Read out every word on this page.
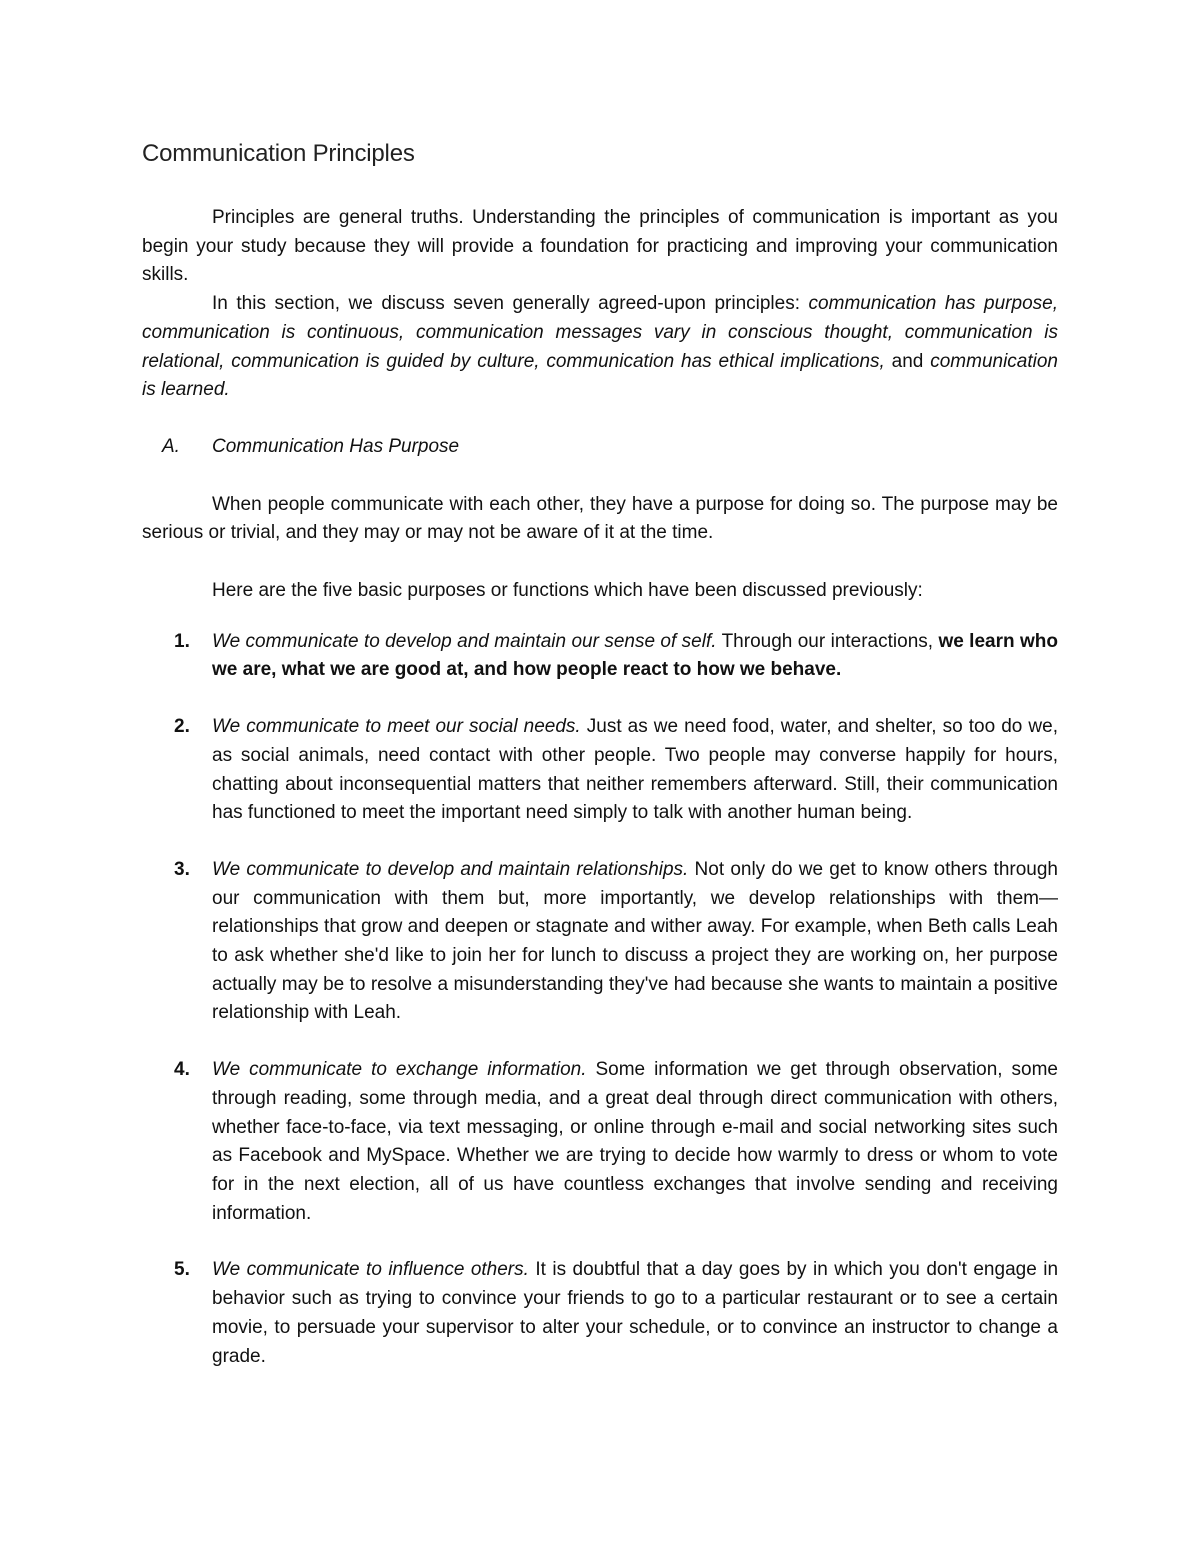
Communication Principles

Principles are general truths. Understanding the principles of communication is important as you begin your study because they will provide a foundation for practicing and improving your communication skills.

In this section, we discuss seven generally agreed-upon principles: communication has purpose, communication is continuous, communication messages vary in conscious thought, communication is relational, communication is guided by culture, communication has ethical implications, and communication is learned.

A. Communication Has Purpose

When people communicate with each other, they have a purpose for doing so. The purpose may be serious or trivial, and they may or may not be aware of it at the time.

Here are the five basic purposes or functions which have been discussed previously:

1. We communicate to develop and maintain our sense of self. Through our interactions, we learn who we are, what we are good at, and how people react to how we behave.
2. We communicate to meet our social needs. Just as we need food, water, and shelter, so too do we, as social animals, need contact with other people. Two people may converse happily for hours, chatting about inconsequential matters that neither remembers afterward. Still, their communication has functioned to meet the important need simply to talk with another human being.
3. We communicate to develop and maintain relationships. Not only do we get to know others through our communication with them but, more importantly, we develop relationships with them—relationships that grow and deepen or stagnate and wither away. For example, when Beth calls Leah to ask whether she'd like to join her for lunch to discuss a project they are working on, her purpose actually may be to resolve a misunderstanding they've had because she wants to maintain a positive relationship with Leah.
4. We communicate to exchange information. Some information we get through observation, some through reading, some through media, and a great deal through direct communication with others, whether face-to-face, via text messaging, or online through e-mail and social networking sites such as Facebook and MySpace. Whether we are trying to decide how warmly to dress or whom to vote for in the next election, all of us have countless exchanges that involve sending and receiving information.
5. We communicate to influence others. It is doubtful that a day goes by in which you don't engage in behavior such as trying to convince your friends to go to a particular restaurant or to see a certain movie, to persuade your supervisor to alter your schedule, or to convince an instructor to change a grade.
